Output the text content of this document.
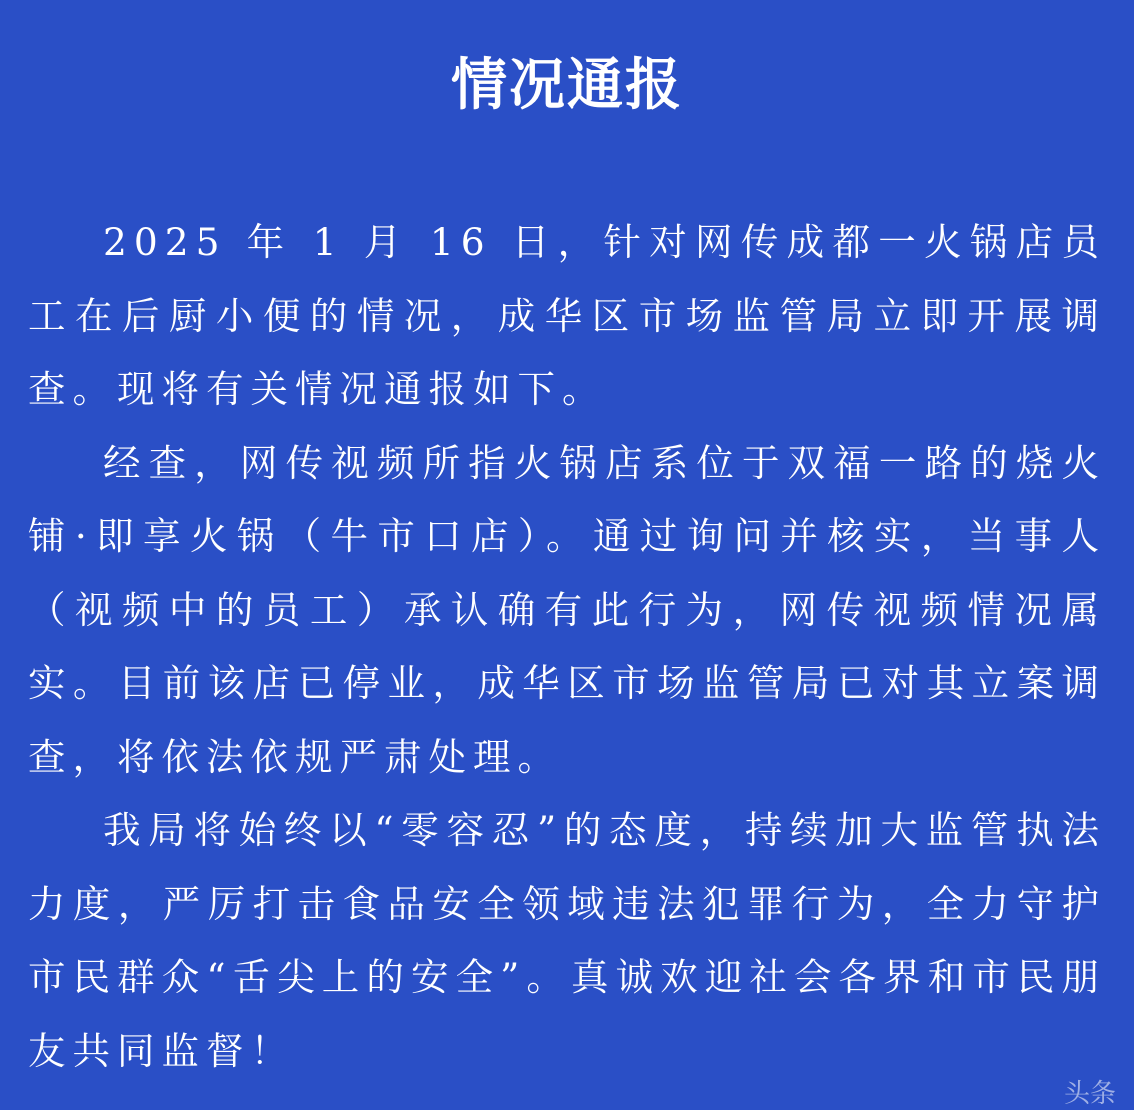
情况通报

2025 年 1 月 16 日，针对网传成都一火锅店员工在后厨小便的情况，成华区市场监管局立即开展调查。现将有关情况通报如下。

经查，网传视频所指火锅店系位于双福一路的烧火铺·即享火锅（牛市口店）。通过询问并核实，当事人（视频中的员工）承认确有此行为，网传视频情况属实。目前该店已停业，成华区市场监管局已对其立案调查，将依法依规严肃处理。

我局将始终以“零容忍”的态度，持续加大监管执法力度，严厉打击食品安全领域违法犯罪行为，全力守护市民群众“舌尖上的安全”。真诚欢迎社会各界和市民朋友共同监督！

头条
